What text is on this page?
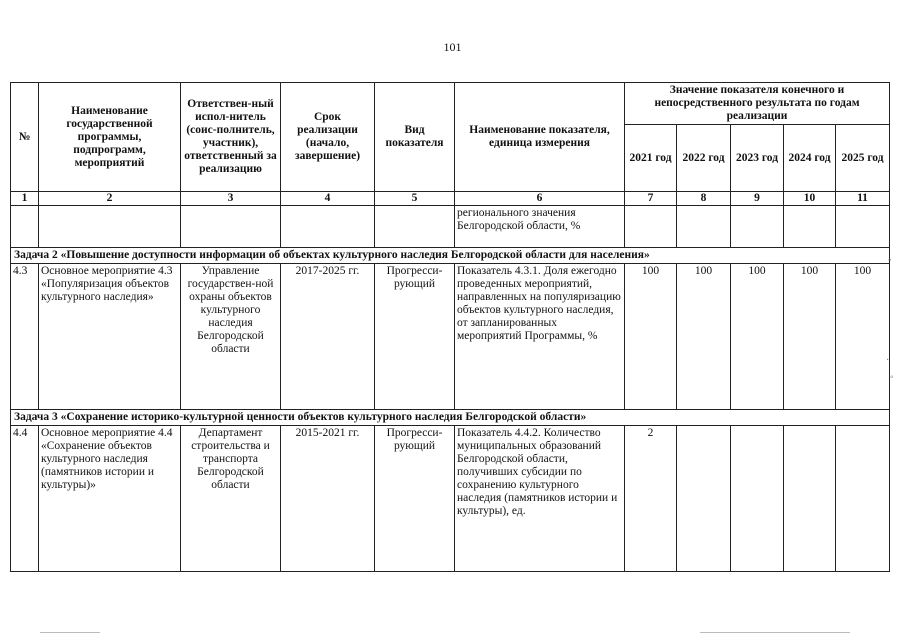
101
№	Наименование государственной программы, подпрограмм, мероприятий	Ответствен-ный испол-нитель (соис-полнитель, участник), ответственный за реализацию	Срок реализации (начало, завершение)	Вид показателя	Наименование показателя, единица измерения	Значение показателя конечного и непосредственного результата по годам реализации				
						2021 год	2022 год	2023 год	2024 год	2025 год
1	2	3	4	5	6	7	8	9	10	11
					регионального значения Белгородской области, %					
Задача 2 «Повышение доступности информации об объектах культурного наследия Белгородской области для населения»										
4.3	Основное мероприятие 4.3 «Популяризация объектов культурного наследия»	Управление государствен-ной охраны объектов культурного наследия Белгородской области	2017-2025 гг.	Прогресси-рующий	Показатель 4.3.1. Доля ежегодно проведенных мероприятий, направленных на популяризацию объектов культурного наследия, от запланированных мероприятий Программы, %	100	100	100	100	100
Задача 3 «Сохранение историко-культурной ценности объектов культурного наследия Белгородской области»										
4.4	Основное мероприятие 4.4 «Сохранение объектов культурного наследия (памятников истории и культуры)»	Департамент строительства и транспорта Белгородской области	2015-2021 гг.	Прогресси-рующий	Показатель 4.4.2. Количество муниципальных образований Белгородской области, получивших субсидии по сохранению культурного наследия (памятников истории и культуры), ед.	2				
◦
·
◦
